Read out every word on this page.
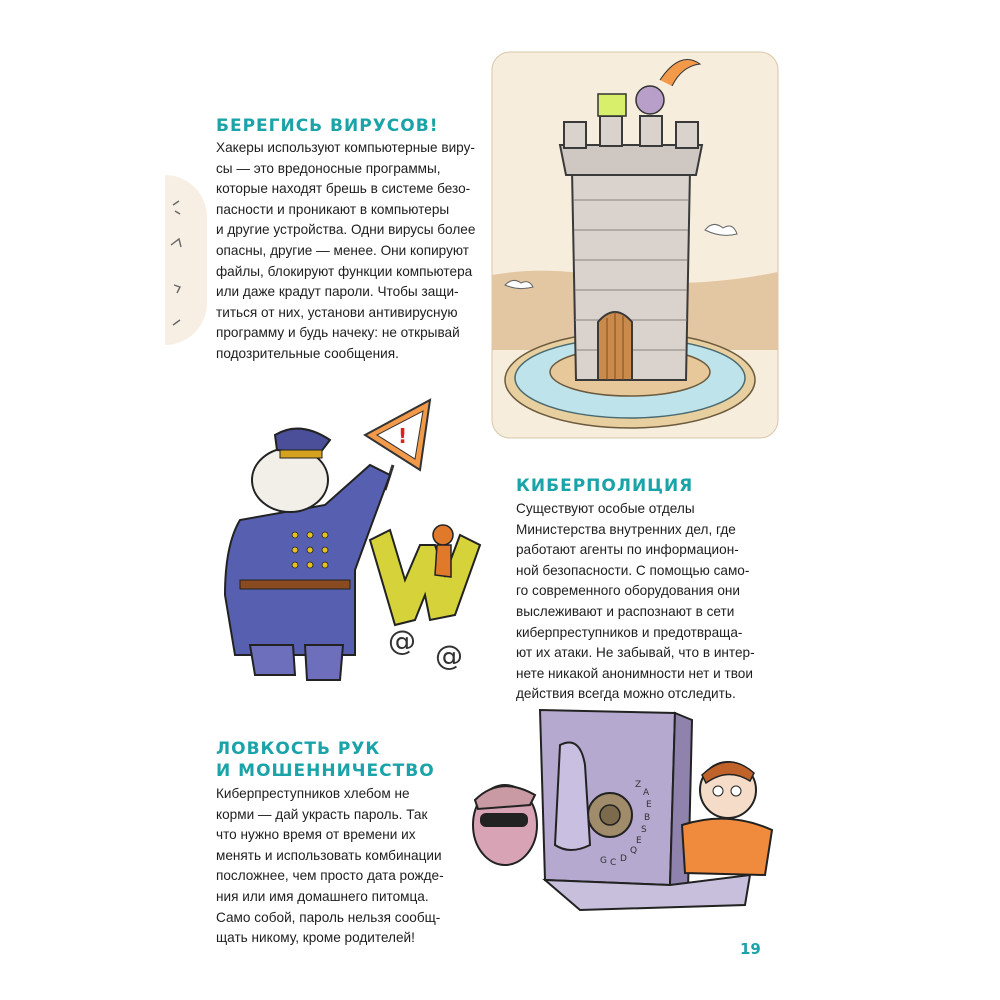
БЕРЕГИСЬ ВИРУСОВ!

Хакеры используют компьютерные виру-
сы — это вредоносные программы,
которые находят брешь в системе безо-
пасности и проникают в компьютеры
и другие устройства. Одни вирусы более
опасны, другие — менее. Они копируют
файлы, блокируют функции компьютера
или даже крадут пароли. Чтобы защи-
титься от них, установи антивирусную
программу и будь начеку: не открывай
подозрительные сообщения.

!
W
@ @
КИБЕРПОЛИЦИЯ

Существуют особые отделы
Министерства внутренних дел, где
работают агенты по информацион-
ной безопасности. С помощью само-
го современного оборудования они
выслеживают и распознают в сети
киберпреступников и предотвраща-
ют их атаки. Не забывай, что в интер-
нете никакой анонимности нет и твои
действия всегда можно отследить.

ЛОВКОСТЬ РУК
И МОШЕННИЧЕСТВО

Киберпреступников хлебом не
корми — дай украсть пароль. Так
что нужно время от времени их
менять и использовать комбинации
посложнее, чем просто дата рожде-
ния или имя домашнего питомца.
Само собой, пароль нельзя сообщ-
щать никому, кроме родителей!

Z
A
E
B
S
E
Q
D
C
G
19
